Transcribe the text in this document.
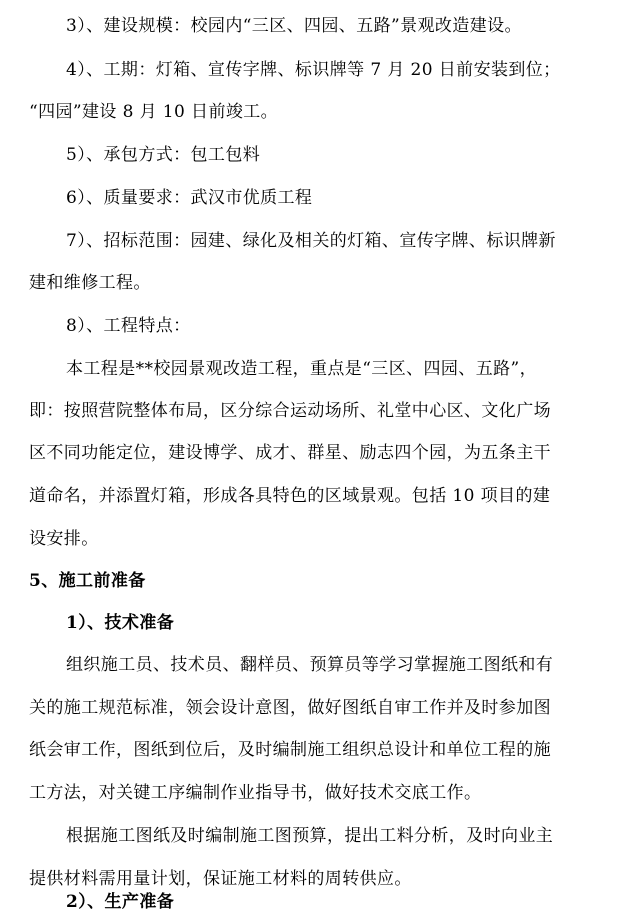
3）、建设规模：校园内“三区、四园、五路”景观改造建设。
4）、工期：灯箱、宣传字牌、标识牌等 7 月 20 日前安装到位；
“四园”建设 8 月 10 日前竣工。
5）、承包方式：包工包料
6）、质量要求：武汉市优质工程
7）、招标范围：园建、绿化及相关的灯箱、宣传字牌、标识牌新
建和维修工程。
8）、工程特点：
本工程是**校园景观改造工程，重点是“三区、四园、五路”，
即：按照营院整体布局，区分综合运动场所、礼堂中心区、文化广场
区不同功能定位，建设博学、成才、群星、励志四个园，为五条主干
道命名，并添置灯箱，形成各具特色的区域景观。包括 10 项目的建
设安排。
5、施工前准备
1）、技术准备
组织施工员、技术员、翻样员、预算员等学习掌握施工图纸和有
关的施工规范标准，领会设计意图，做好图纸自审工作并及时参加图
纸会审工作，图纸到位后，及时编制施工组织总设计和单位工程的施
工方法，对关键工序编制作业指导书，做好技术交底工作。
根据施工图纸及时编制施工图预算，提出工料分析，及时向业主
提供材料需用量计划，保证施工材料的周转供应。
2）、生产准备
